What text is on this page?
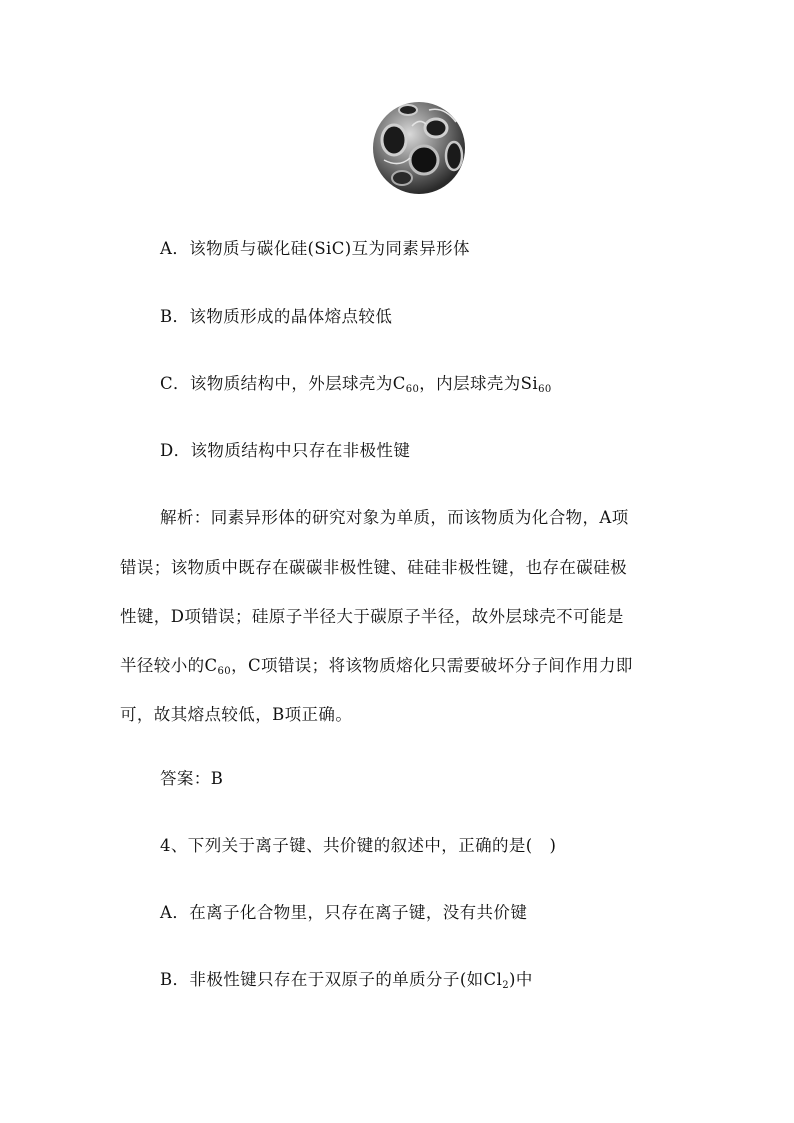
A．该物质与碳化硅(SiC)互为同素异形体
B．该物质形成的晶体熔点较低
C．该物质结构中，外层球壳为$C_{60}$，内层球壳为$Si_{60}$
D．该物质结构中只存在非极性键
解析：同素异形体的研究对象为单质，而该物质为化合物，A项
错误；该物质中既存在碳碳非极性键、硅硅非极性键，也存在碳硅极
性键，D项错误；硅原子半径大于碳原子半径，故外层球壳不可能是
半径较小的$C_{60}$，C项错误；将该物质熔化只需要破坏分子间作用力即
可，故其熔点较低，B项正确。
答案：B
4、下列关于离子键、共价键的叙述中，正确的是(　)
A．在离子化合物里，只存在离子键，没有共价键
B．非极性键只存在于双原子的单质分子(如$Cl_2$)中
